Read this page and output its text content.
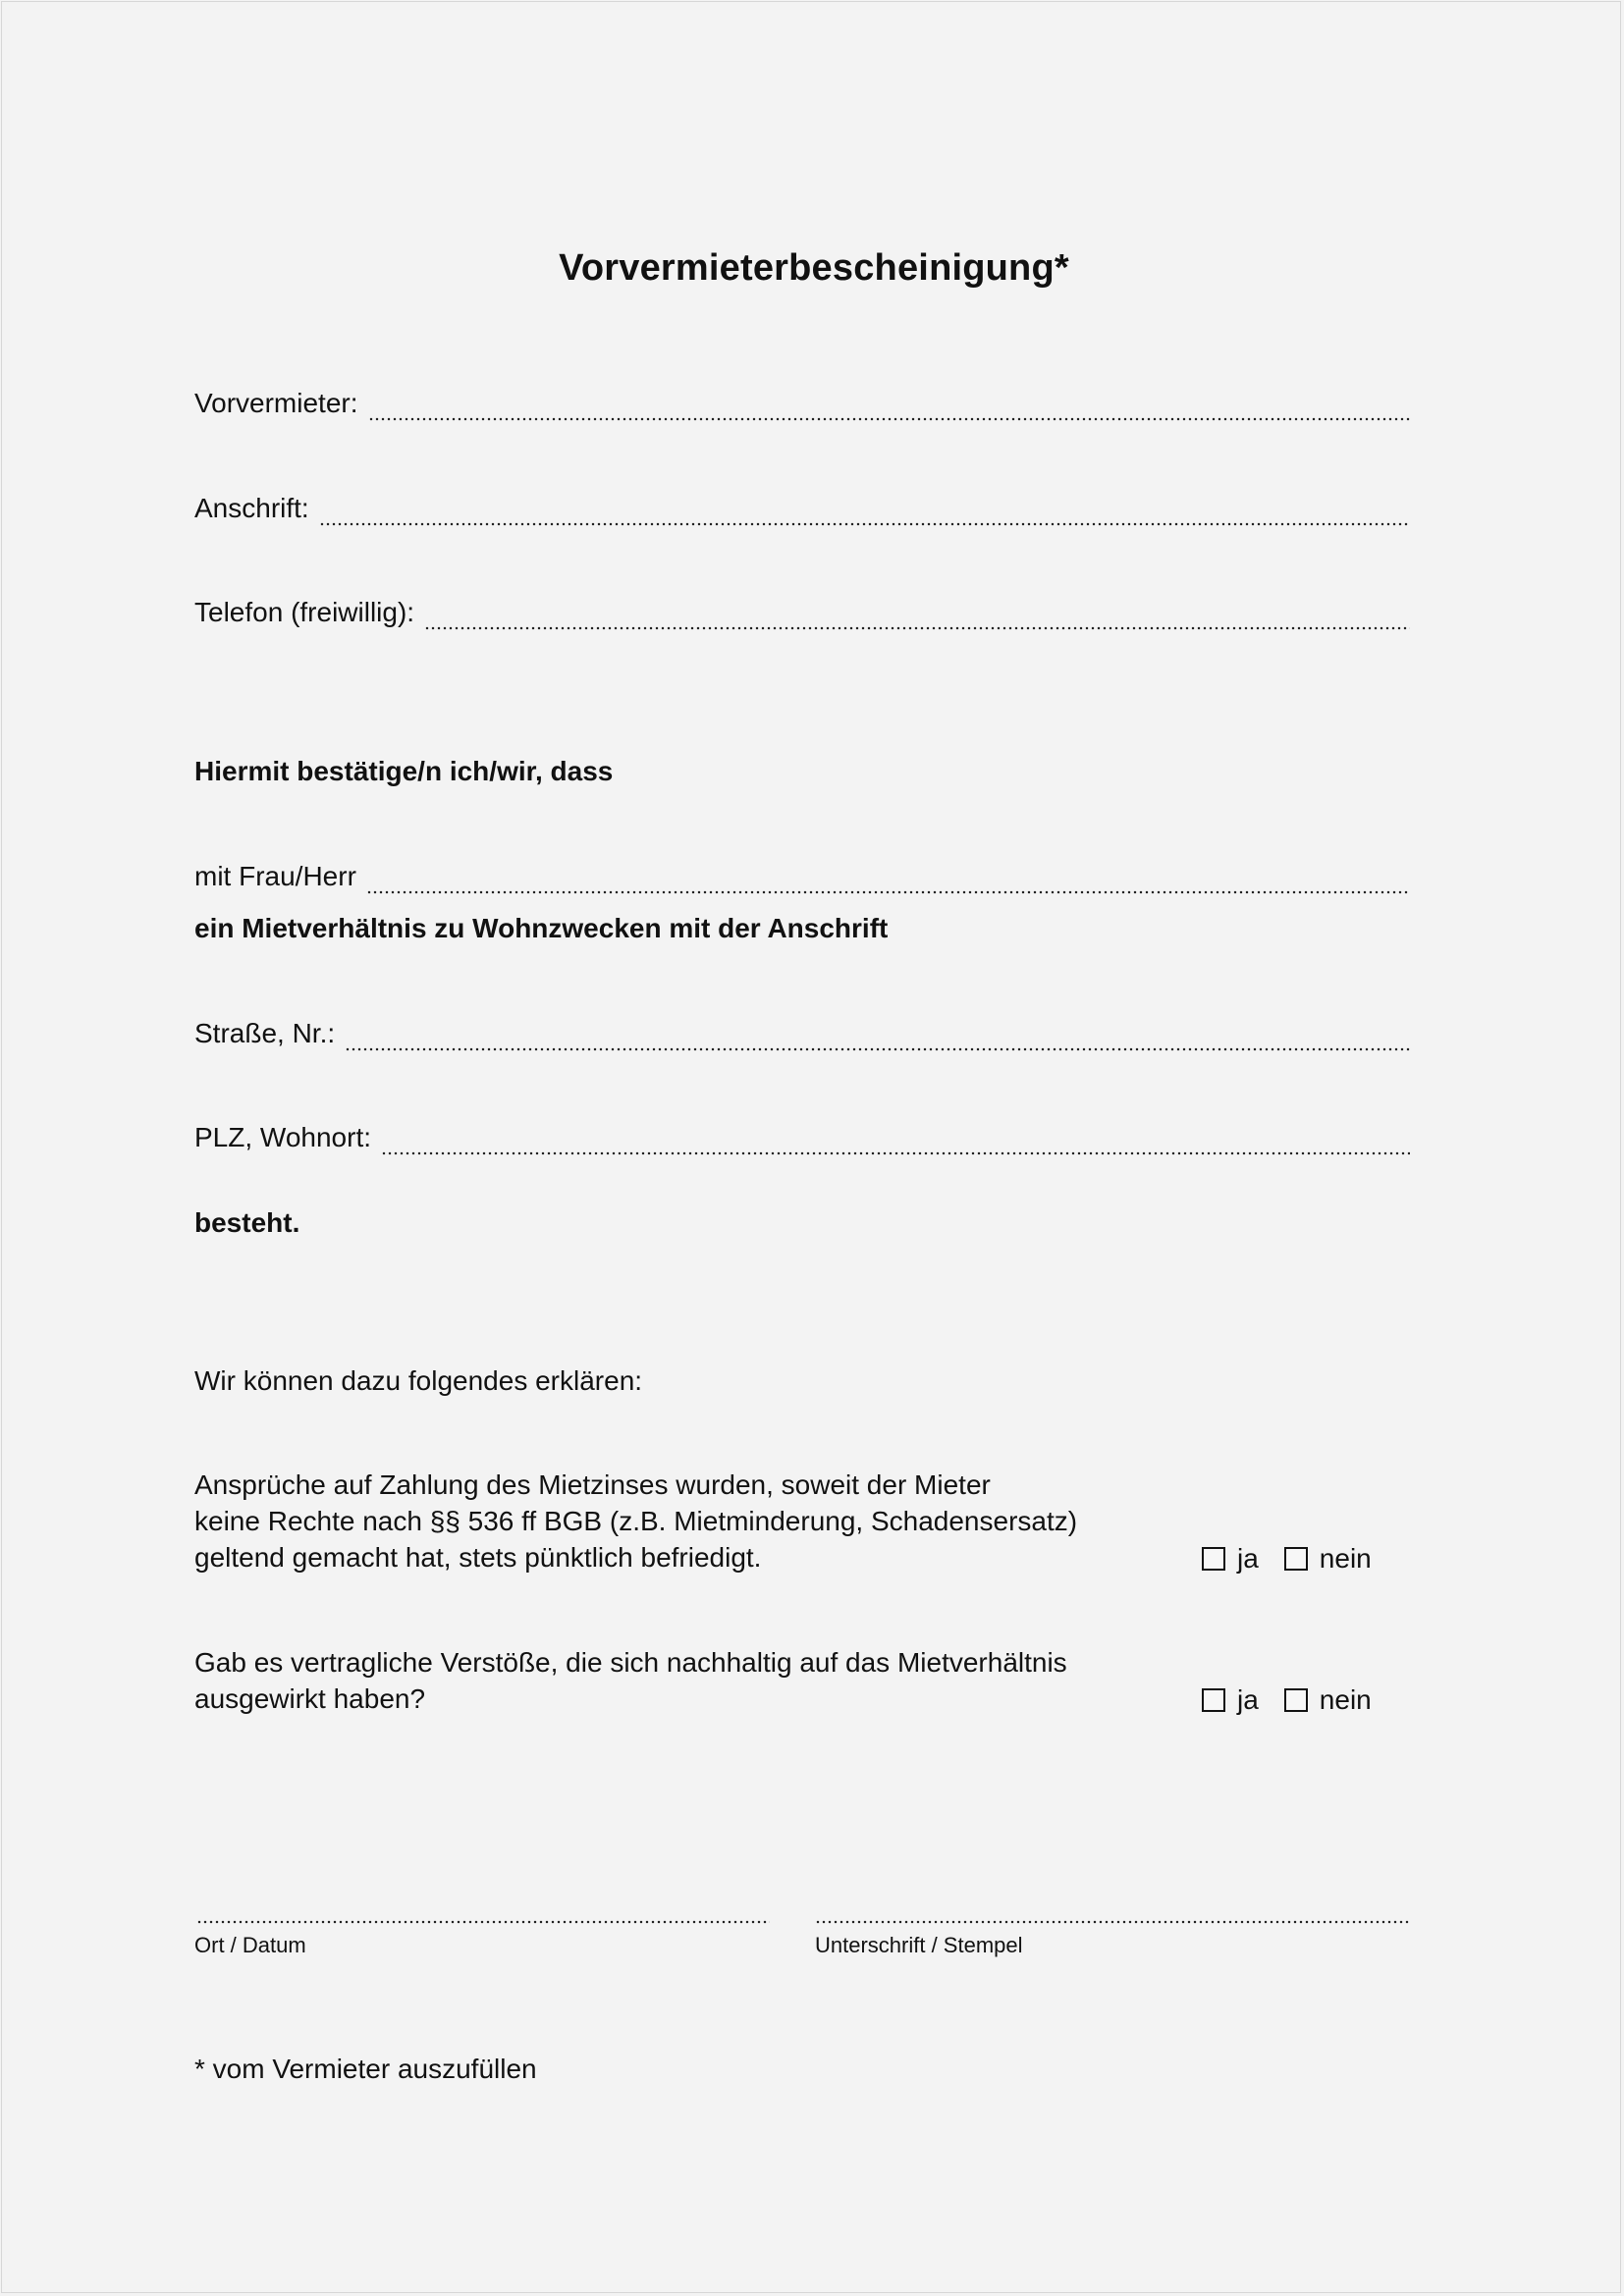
Vorvermieterbescheinigung*
Vorvermieter:
Anschrift:
Telefon (freiwillig):
Hiermit bestätige/n ich/wir, dass
mit Frau/Herr
ein Mietverhältnis zu Wohnzwecken mit der Anschrift
Straße, Nr.:
PLZ, Wohnort:
besteht.
Wir können dazu folgendes erklären:
Ansprüche auf Zahlung des Mietzinses wurden, soweit der Mieter
keine Rechte nach §§ 536 ff BGB (z.B. Mietminderung, Schadensersatz)
geltend gemacht hat, stets pünktlich befriedigt.	ja nein
Gab es vertragliche Verstöße, die sich nachhaltig auf das Mietverhältnis
ausgewirkt haben?	ja nein
Ort / Datum	Unterschrift / Stempel
* vom Vermieter auszufüllen
